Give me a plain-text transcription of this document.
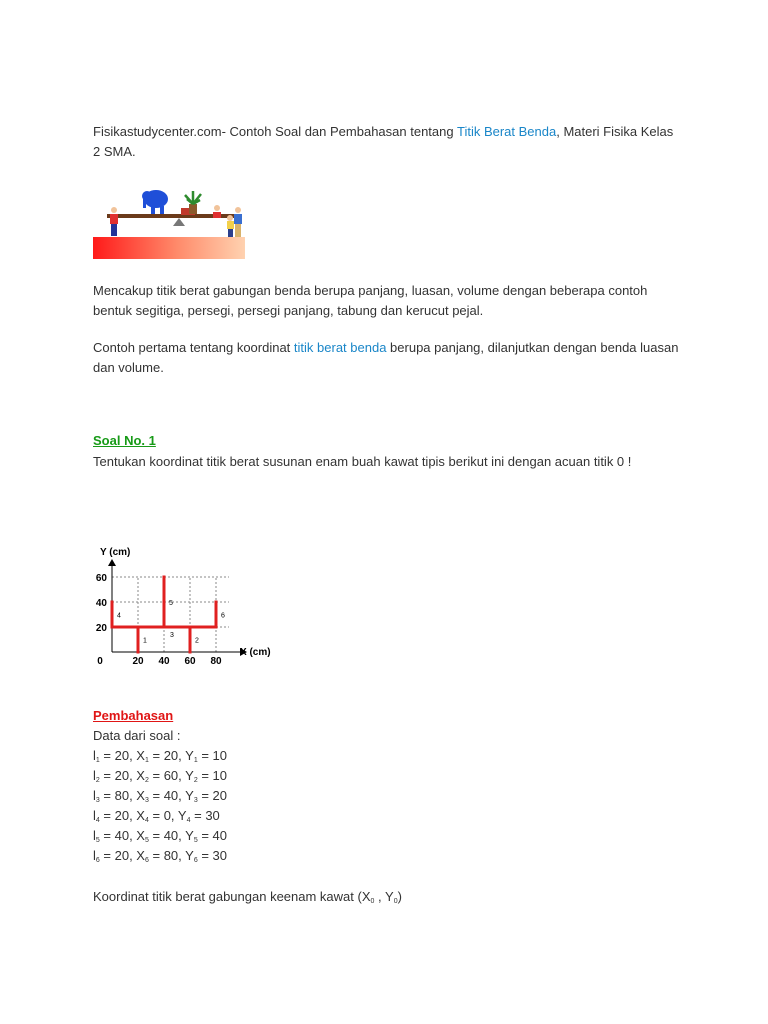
Fisikastudycenter.com- Contoh Soal dan Pembahasan tentang Titik Berat Benda, Materi Fisika Kelas 2 SMA.

Mencakup titik berat gabungan benda berupa panjang, luasan, volume dengan beberapa contoh bentuk segitiga, persegi, persegi panjang, tabung dan kerucut pejal.

Contoh pertama tentang koordinat titik berat benda berupa panjang, dilanjutkan dengan benda luasan dan volume.

Soal No. 1

Tentukan koordinat titik berat susunan enam buah kawat tipis berikut ini dengan acuan titik 0 !

Y (cm)
X (cm)
0	20 40 60 80
20
40
60
1	2
3
4
5
6
Pembahasan
Data dari soal :
$l_1 = 20$, $X_1 = 20$, $Y_1 = 10$
$l_2 = 20$, $X_2 = 60$, $Y_2 = 10$
$l_3 = 80$, $X_3 = 40$, $Y_3 = 20$
$l_4 = 20$, $X_4 = 0$, $Y_4 = 30$
$l_5 = 40$, $X_5 = 40$, $Y_5 = 40$
$l_6 = 20$, $X_6 = 80$, $Y_6 = 30$
Koordinat titik berat gabungan keenam kawat ($X_0$ , $Y_0$)
